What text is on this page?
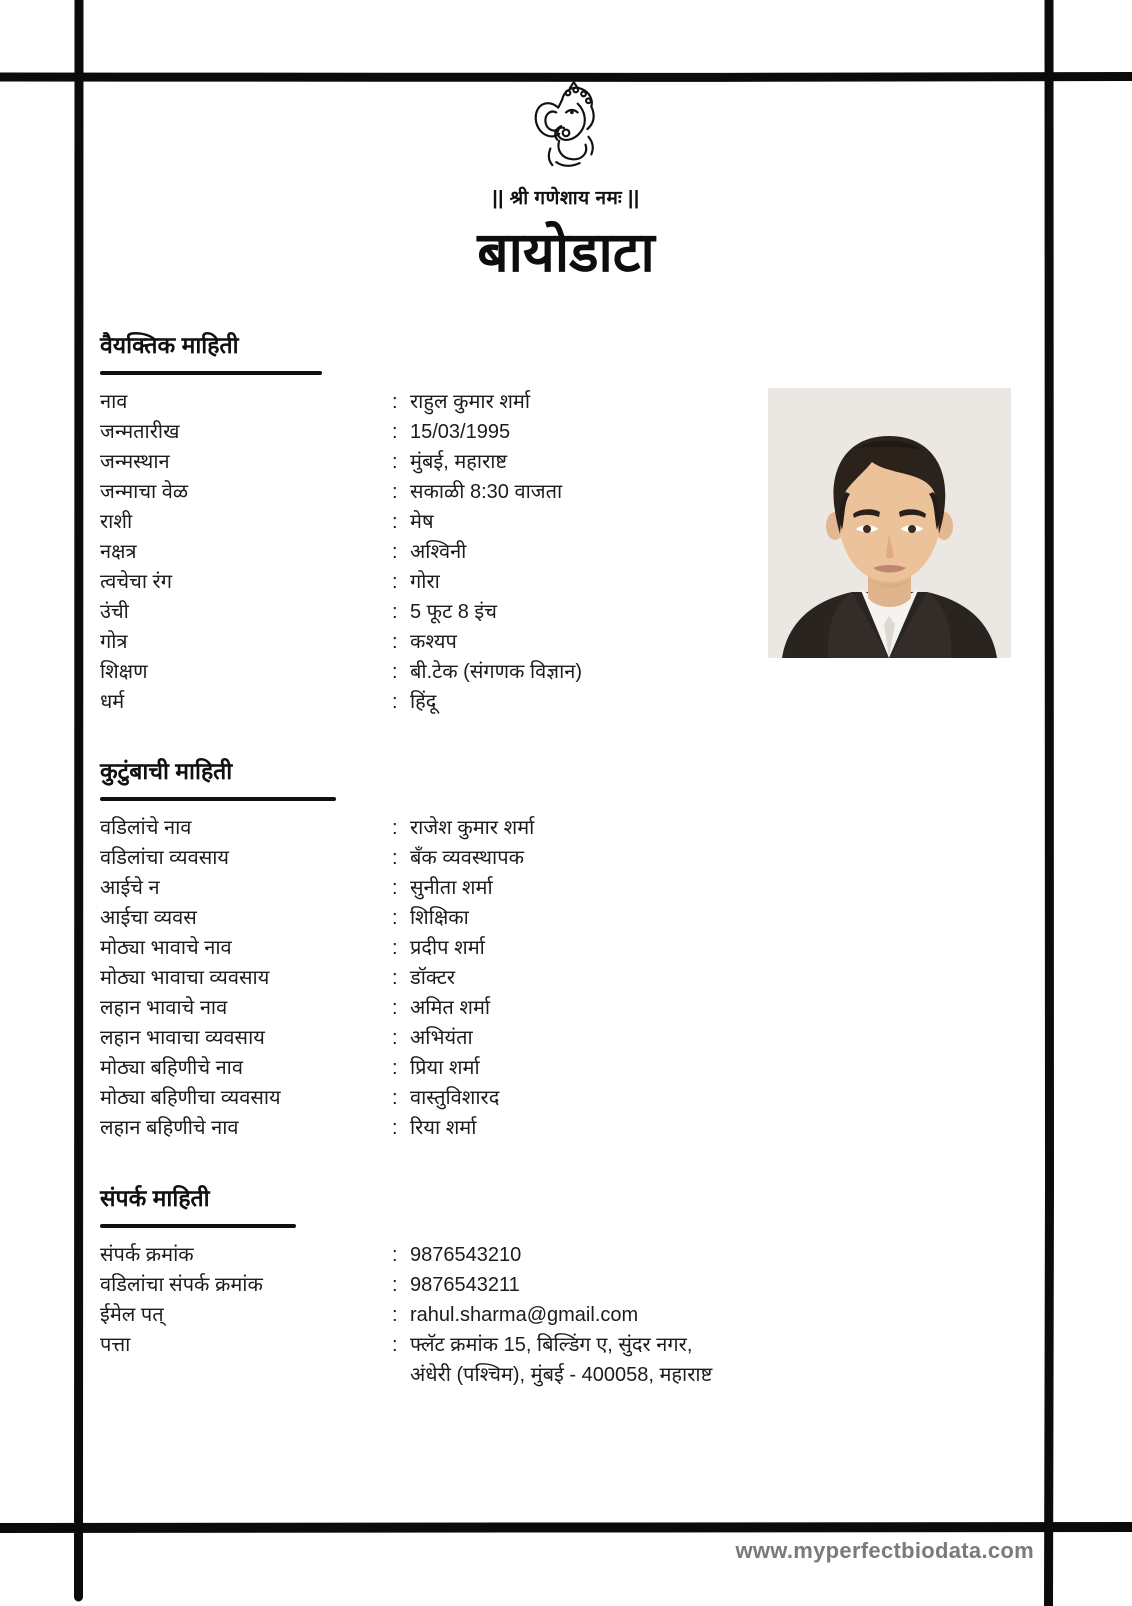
|| श्री गणेशाय नमः ||
बायोडाटा
वैयक्तिक माहिती
नाव	: राहुल कुमार शर्मा
जन्मतारीख	: 15/03/1995
जन्मस्थान	: मुंबई, महाराष्ट
जन्माचा वेळ	: सकाळी 8:30 वाजता
राशी	: मेष
नक्षत्र	: अश्विनी
त्वचेचा रंग	: गोरा
उंची	: 5 फूट 8 इंच
गोत्र	: कश्यप
शिक्षण	: बी.टेक (संगणक विज्ञान)
धर्म	: हिंदू
कुटुंबाची माहिती
वडिलांचे नाव	: राजेश कुमार शर्मा
वडिलांचा व्यवसाय	: बँक व्यवस्थापक
आईचे न	: सुनीता शर्मा
आईचा व्यवस	: शिक्षिका
मोठ्या भावाचे नाव	: प्रदीप शर्मा
मोठ्या भावाचा व्यवसाय	: डॉक्टर
लहान भावाचे नाव	: अमित शर्मा
लहान भावाचा व्यवसाय	: अभियंता
मोठ्या बहिणीचे नाव	: प्रिया शर्मा
मोठ्या बहिणीचा व्यवसाय	: वास्तुविशारद
लहान बहिणीचे नाव	: रिया शर्मा
संपर्क माहिती
संपर्क क्रमांक	: 9876543210
वडिलांचा संपर्क क्रमांक	: 9876543211
ईमेल पत्	: rahul.sharma@gmail.com
पत्ता	: फ्लॅट क्रमांक 15, बिल्डिंग ए, सुंदर नगर,
अंधेरी (पश्चिम), मुंबई - 400058, महाराष्ट
www.myperfectbiodata.com
